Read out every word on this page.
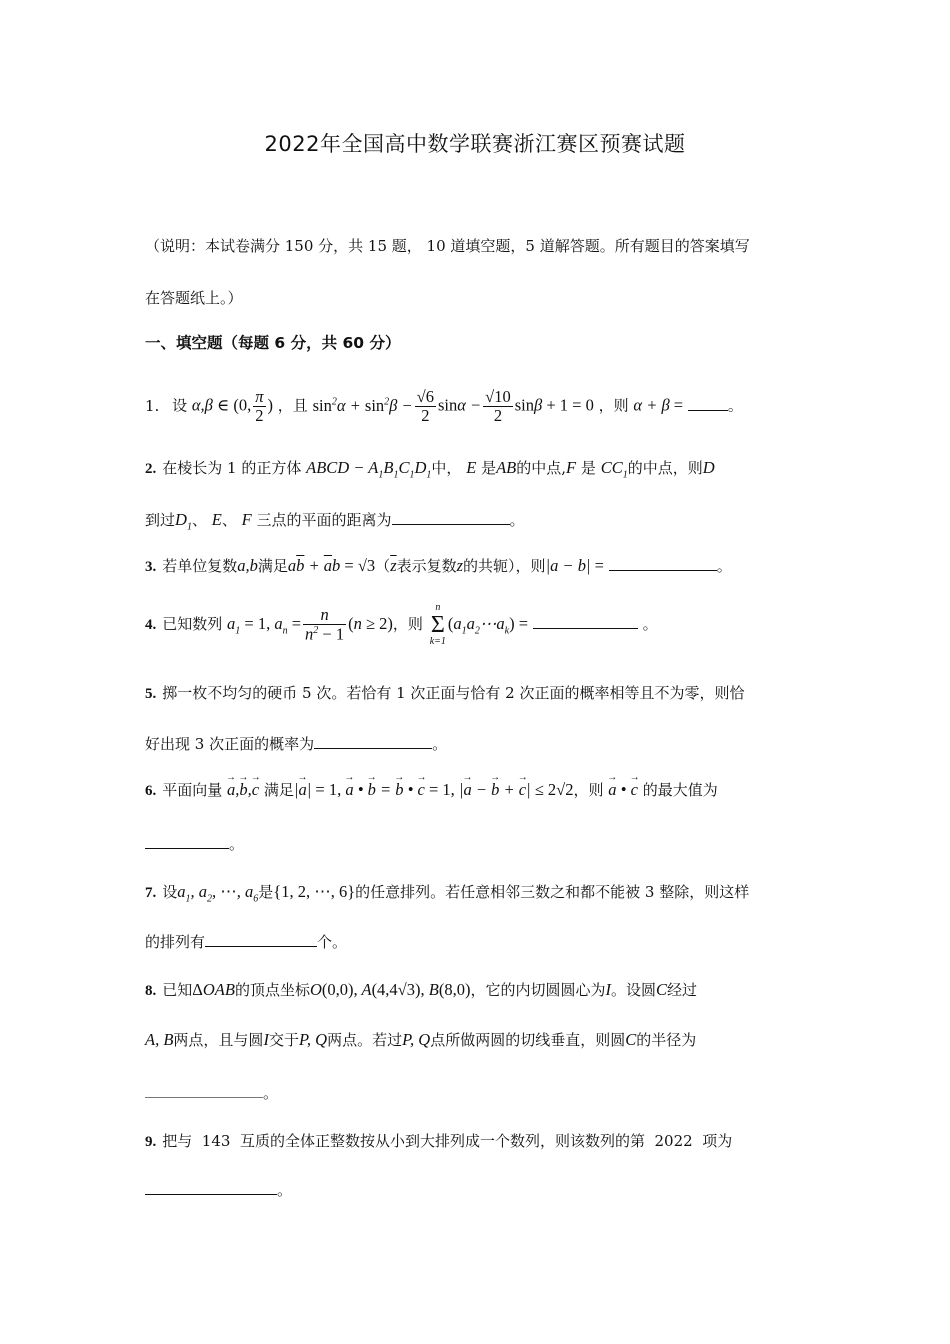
2022年全国高中数学联赛浙江赛区预赛试题
（说明：本试卷满分 150 分，共 15 题， 10 道填空题，5 道解答题。所有题目的答案填写
在答题纸上。）
一、填空题（每题 6 分，共 60 分）
1. 设 α,β ∈ (0, $\frac{\pi}{2}$ ) ，且 $\sin^2\alpha + \sin^2\beta - \frac{√6}{2}$ $\sin\alpha - \frac{√10}{2}$ sinβ + 1 = 0 ，则 α + β =	。
2. 在棱长为 1 的正方体 ABCD − $A_1B_1C_1D_1$中， E 是AB的中点,F 是 $CC_1$的中点，则D
到过$D_1$、 E、 F 三点的平面的距离为	。
3. 若单位复数a,b满足$a\overline{b} + \overline{a}b = √3(\overline{z}$表示复数z的共轭），则|a − b| =	。
4. 已知数列 $a_1 = 1$, $a_n = \frac{n}{n^2 - 1} (n \ge 2)$，则
n
Σ
k=1
$(a_1a_2\cdots a_k)$ =	。
5. 掷一枚不均匀的硬币 5 次。若恰有 1 次正面与恰有 2 次正面的概率相等且不为零，则恰
好出现 3 次正面的概率为	。
6. 平面向量 → a,→ b,→ c 满足|→ a| = 1, → a • → b = → b • → c = 1, |→ a − → b + → c| ≤ 2√2，则 → a • → c 的最大值为
。
7. 设$a_1$, $a_2$, ⋯, $a_6$是{1, 2, ⋯, 6}的任意排列。若任意相邻三数之和都不能被 3 整除，则这样
的排列有	个。
8. 已知ΔOAB的顶点坐标O(0,0), A(4,4√3), B(8,0)，它的内切圆圆心为I。设圆C经过
A, B两点，且与圆I交于P, Q两点。若过P, Q点所做两圆的切线垂直，则圆C的半径为
。
9. 把与  143  互质的全体正整数按从小到大排列成一个数列，则该数列的第  2022  项为
。
